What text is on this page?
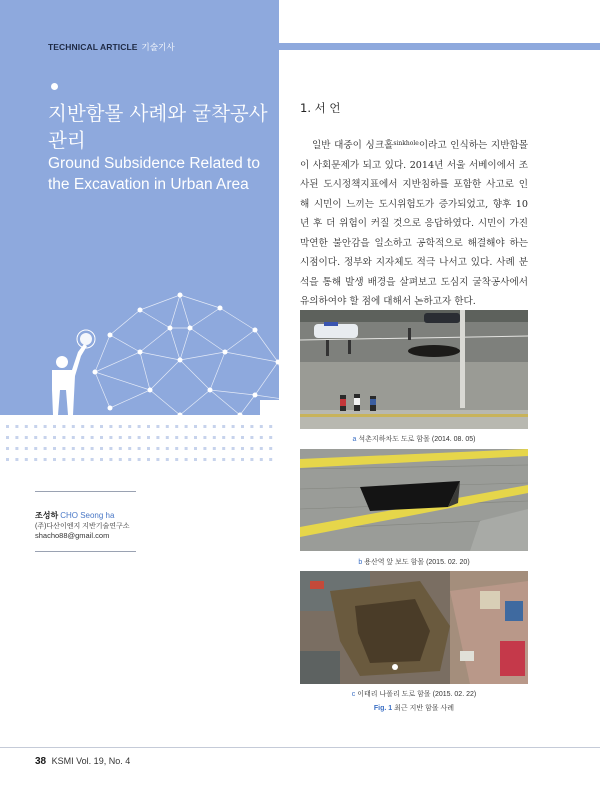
TECHNICAL ARTICLE 기술기사
지반함몰 사례와 굴착공사 관리
Ground Subsidence Related to the Excavation in Urban Area
조성하 CHO Seong ha
(주)다산이엔지 지반기술연구소
shacho88@gmail.com
1. 서 언
일반 대중이 싱크홀$^{sinkhole}$이라고 인식하는 지반함몰이 사회문제가 되고 있다. 2014년 서울 서베이에서 조사된 도시정책지표에서 지반침하를 포함한 사고로 인해 시민이 느끼는 도시위험도가 증가되었고, 향후 10년 후 더 위험이 커질 것으로 응답하였다. 시민이 가진 막연한 불안감을 일소하고 공학적으로 해결해야 하는 시점이다. 정부와 지자체도 적극 나서고 있다. 사례 분석을 통해 발생 배경을 살펴보고 도심지 굴착공사에서 유의하여야 할 점에 대해서 논하고자 한다.
a 석촌지하차도 도로 함몰 (2014. 08. 05)
b 용산역 앞 보도 함몰 (2015. 02. 20)
c 이태리 나폴리 도로 함몰 (2015. 02. 22)
Fig. 1 최근 지반 함몰 사례
38 KSMI Vol. 19, No. 4
